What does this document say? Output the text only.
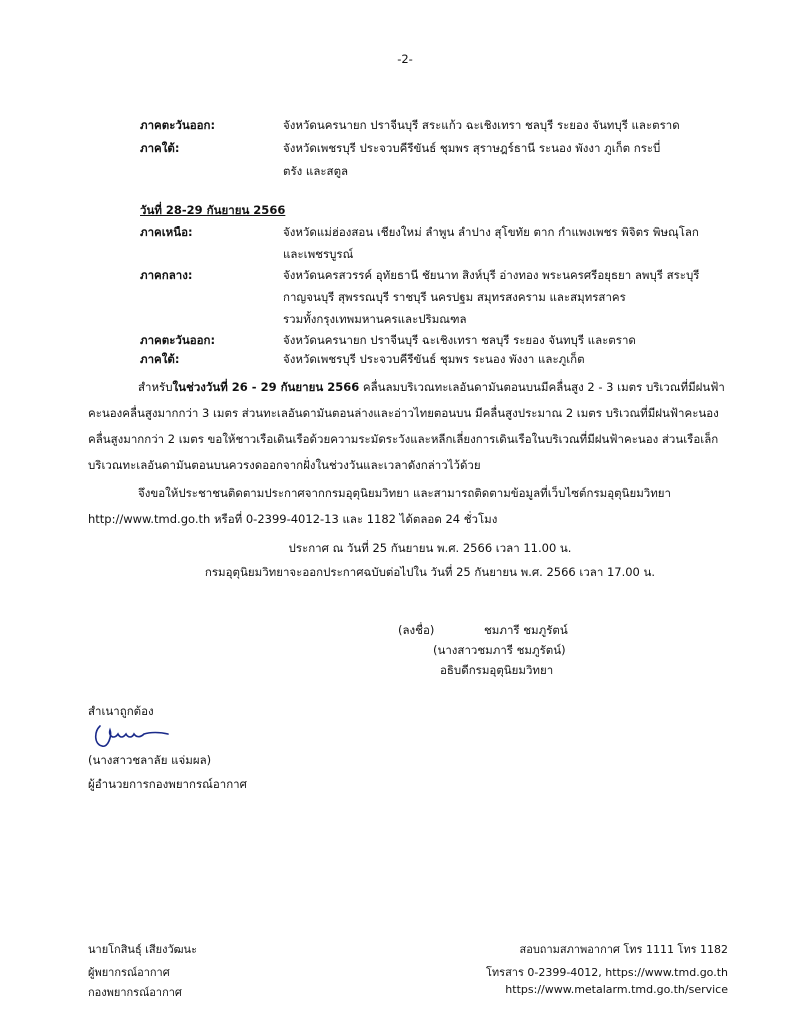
-2-
ภาคตะวันออก:	จังหวัดนครนายก ปราจีนบุรี สระแก้ว ฉะเชิงเทรา ชลบุรี ระยอง จันทบุรี และตราด
ภาคใต้:	จังหวัดเพชรบุรี ประจวบคีรีขันธ์ ชุมพร สุราษฎร์ธานี ระนอง พังงา ภูเก็ต กระบี่
ตรัง และสตูล
วันที่ 28-29 กันยายน 2566
ภาคเหนือ:	จังหวัดแม่ฮ่องสอน เชียงใหม่ ลำพูน ลำปาง สุโขทัย ตาก กำแพงเพชร พิจิตร พิษณุโลก
และเพชรบูรณ์
ภาคกลาง:	จังหวัดนครสวรรค์ อุทัยธานี ชัยนาท สิงห์บุรี อ่างทอง พระนครศรีอยุธยา ลพบุรี สระบุรี
กาญจนบุรี สุพรรณบุรี ราชบุรี นครปฐม สมุทรสงคราม และสมุทรสาคร
รวมทั้งกรุงเทพมหานครและปริมณฑล
ภาคตะวันออก:	จังหวัดนครนายก ปราจีนบุรี ฉะเชิงเทรา ชลบุรี ระยอง จันทบุรี และตราด
ภาคใต้:	จังหวัดเพชรบุรี ประจวบคีรีขันธ์ ชุมพร ระนอง พังงา และภูเก็ต
สำหรับในช่วงวันที่ 26 - 29 กันยายน 2566 คลื่นลมบริเวณทะเลอันดามันตอนบนมีคลื่นสูง 2 - 3 เมตร บริเวณที่มีฝนฟ้าคะนองคลื่นสูงมากกว่า 3 เมตร ส่วนทะเลอันดามันตอนล่างและอ่าวไทยตอนบน มีคลื่นสูงประมาณ 2 เมตร บริเวณที่มีฝนฟ้าคะนองคลื่นสูงมากกว่า 2 เมตร ขอให้ชาวเรือเดินเรือด้วยความระมัดระวังและหลีกเลี่ยงการเดินเรือในบริเวณที่มีฝนฟ้าคะนอง ส่วนเรือเล็กบริเวณทะเลอันดามันตอนบนควรงดออกจากฝั่งในช่วงวันและเวลาดังกล่าวไว้ด้วย
จึงขอให้ประชาชนติดตามประกาศจากกรมอุตุนิยมวิทยา และสามารถติดตามข้อมูลที่เว็บไซต์กรมอุตุนิยมวิทยา http://www.tmd.go.th หรือที่ 0-2399-4012-13 และ 1182 ได้ตลอด 24 ชั่วโมง
ประกาศ ณ วันที่ 25 กันยายน พ.ศ. 2566 เวลา 11.00 น.
กรมอุตุนิยมวิทยาจะออกประกาศฉบับต่อไปใน วันที่ 25 กันยายน พ.ศ. 2566 เวลา 17.00 น.
(ลงชื่อ)	ชมภารี ชมภูรัตน์
(นางสาวชมภารี ชมภูรัตน์)
อธิบดีกรมอุตุนิยมวิทยา
สำเนาถูกต้อง
(นางสาวชลาลัย แจ่มผล)
ผู้อำนวยการกองพยากรณ์อากาศ
นายโกสินธุ์ เสียงวัฒนะ
ผู้พยากรณ์อากาศ
กองพยากรณ์อากาศ
สอบถามสภาพอากาศ โทร 1111 โทร 1182
โทรสาร 0-2399-4012, https://www.tmd.go.th
https://www.metalarm.tmd.go.th/service
